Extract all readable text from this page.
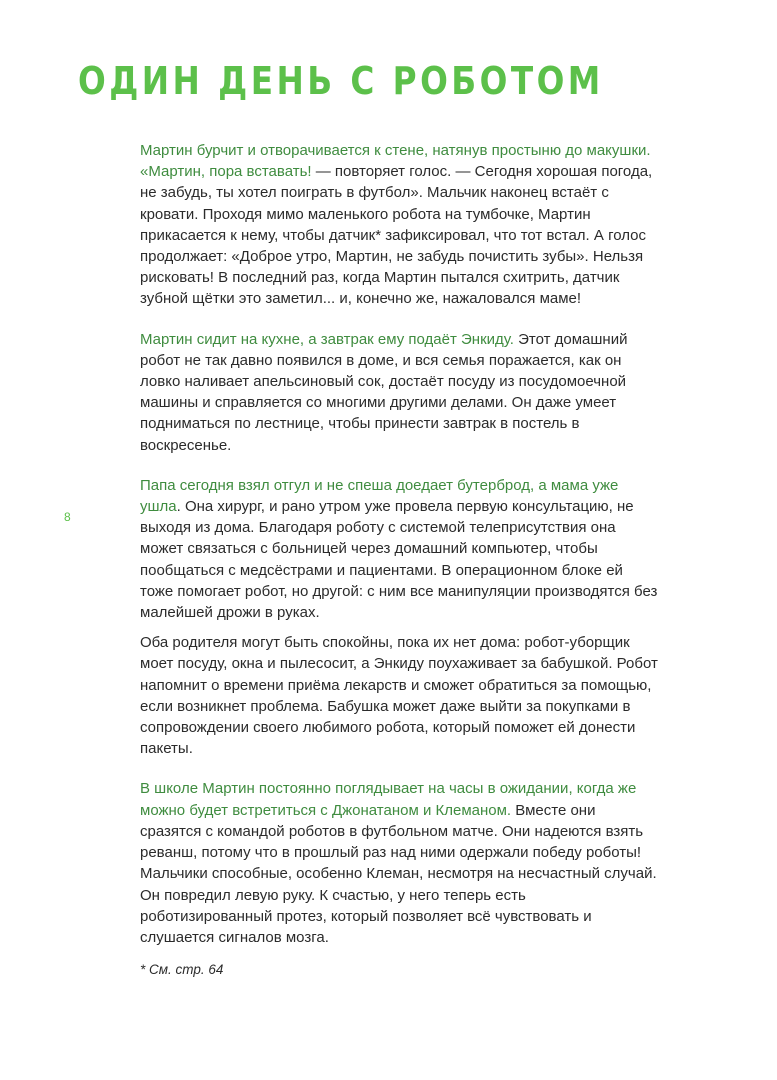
ОДИН ДЕНЬ С РОБОТОМ
8

Мартин бурчит и отворачивается к стене, натянув простыню до макушки. «Мартин, пора вставать! — повторяет голос. — Сегодня хорошая погода, не забудь, ты хотел поиграть в футбол». Мальчик наконец встаёт с кровати. Проходя мимо маленького робота на тумбочке, Мартин прикасается к нему, чтобы датчик* зафиксировал, что тот встал. А голос продолжает: «Доброе утро, Мартин, не забудь почистить зубы». Нельзя рисковать! В последний раз, когда Мартин пытался схитрить, датчик зубной щётки это заметил... и, конечно же, нажаловался маме!

Мартин сидит на кухне, а завтрак ему подаёт Энкиду. Этот домашний робот не так давно появился в доме, и вся семья поражается, как он ловко наливает апельсиновый сок, достаёт посуду из посудомоечной машины и справляется со многими другими делами. Он даже умеет подниматься по лестнице, чтобы принести завтрак в постель в воскресенье.

Папа сегодня взял отгул и не спеша доедает бутерброд, а мама уже ушла. Она хирург, и рано утром уже провела первую консультацию, не выходя из дома. Благодаря роботу с системой телеприсутствия она может связаться с больницей через домашний компьютер, чтобы пообщаться с медсёстрами и пациентами. В операционном блоке ей тоже помогает робот, но другой: с ним все манипуляции производятся без малейшей дрожи в руках.

Оба родителя могут быть спокойны, пока их нет дома: робот-уборщик моет посуду, окна и пылесосит, а Энкиду поухаживает за бабушкой. Робот напомнит о времени приёма лекарств и сможет обратиться за помощью, если возникнет проблема. Бабушка может даже выйти за покупками в сопровождении своего любимого робота, который поможет ей донести пакеты.

В школе Мартин постоянно поглядывает на часы в ожидании, когда же можно будет встретиться с Джонатаном и Клеманом. Вместе они сразятся с командой роботов в футбольном матче. Они надеются взять реванш, потому что в прошлый раз над ними одержали победу роботы! Мальчики способные, особенно Клеман, несмотря на несчастный случай. Он повредил левую руку. К счастью, у него теперь есть роботизированный протез, который позволяет всё чувствовать и слушается сигналов мозга.

* См. стр. 64
